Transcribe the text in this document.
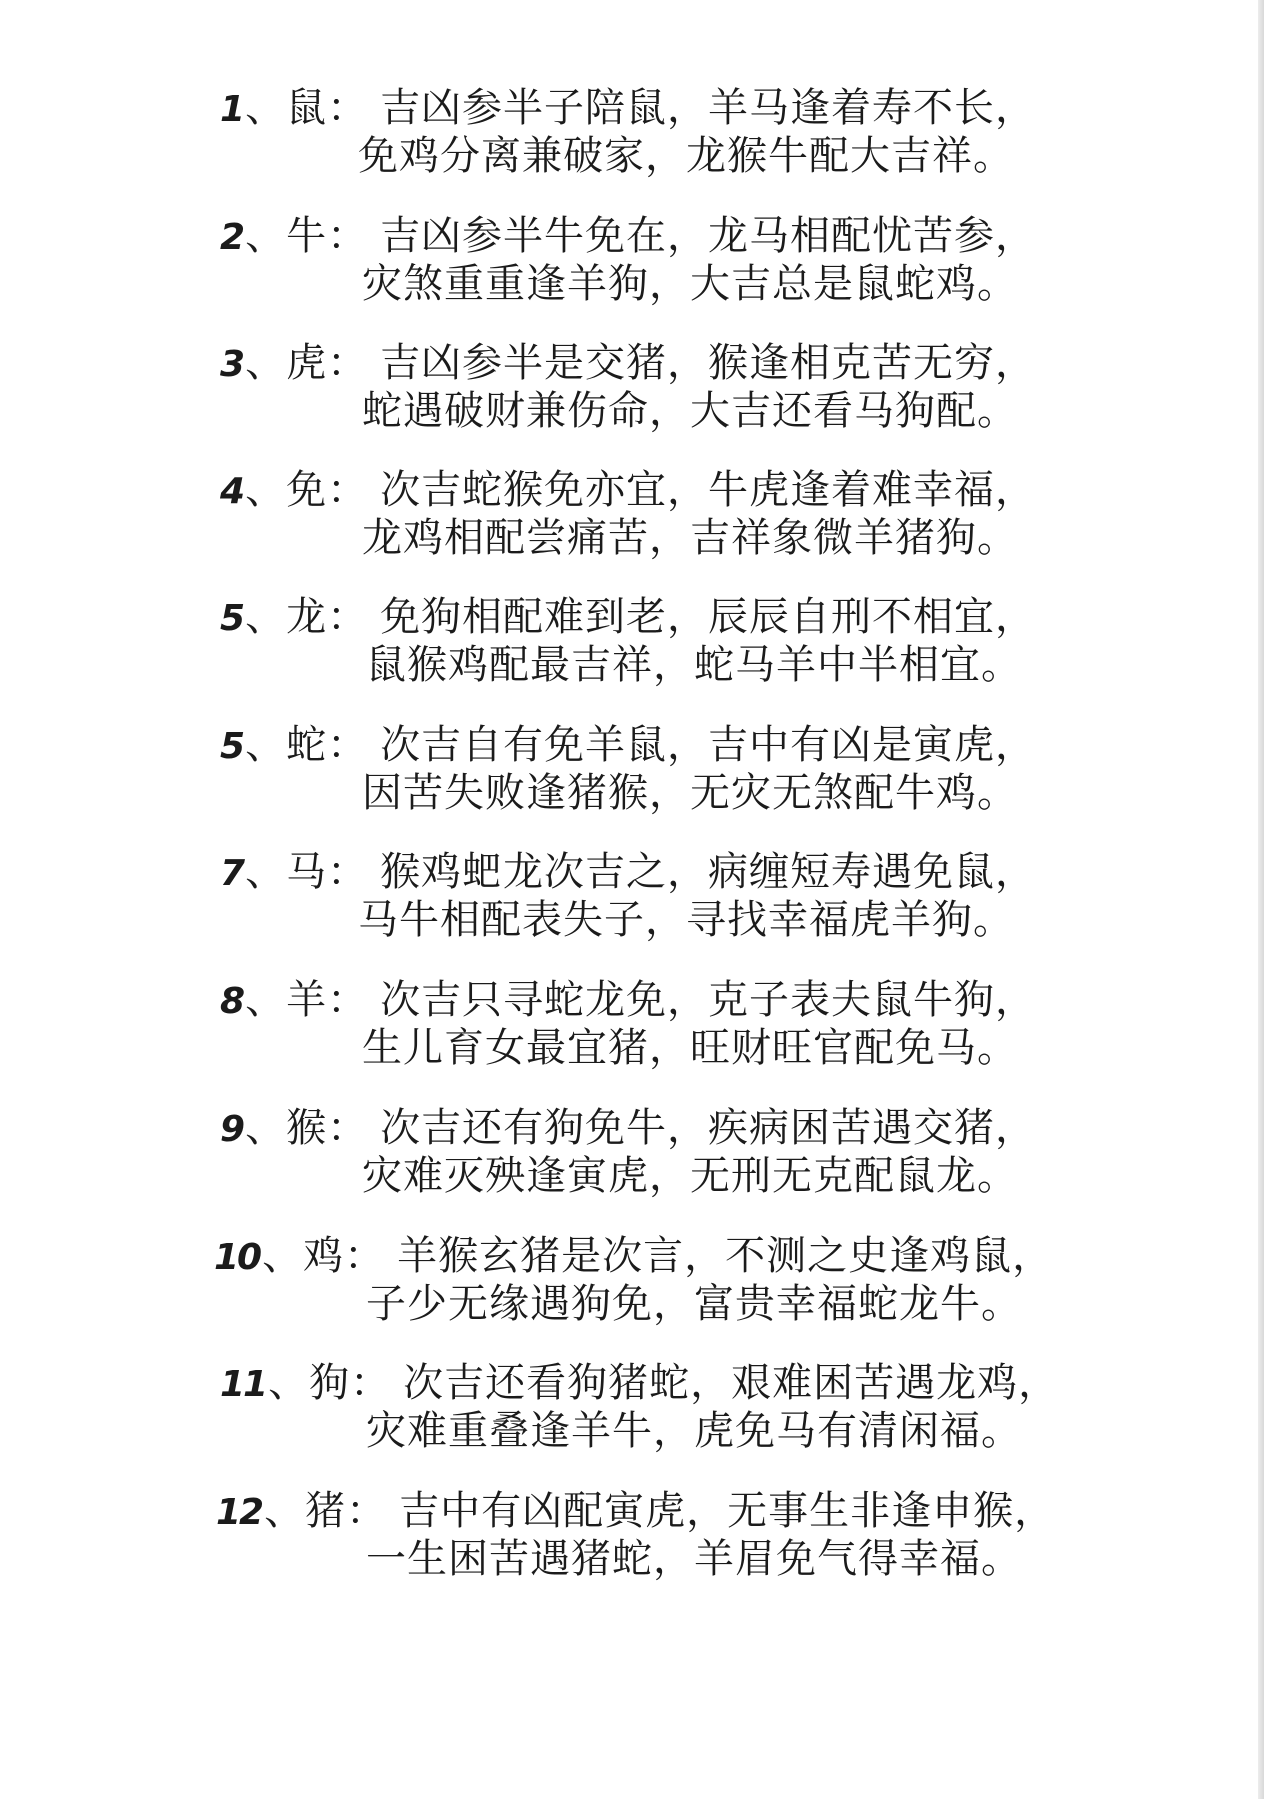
1、鼠： 吉凶参半子陪鼠，羊马逢着寿不长，
免鸡分离兼破家，龙猴牛配大吉祥。
2、牛： 吉凶参半牛免在，龙马相配忧苦参，
灾煞重重逢羊狗，大吉总是鼠蛇鸡。
3、虎： 吉凶参半是交猪，猴逢相克苦无穷，
蛇遇破财兼伤命，大吉还看马狗配。
4、免： 次吉蛇猴免亦宜，牛虎逢着难幸福，
龙鸡相配尝痛苦，吉祥象微羊猪狗。
5、龙： 免狗相配难到老，辰辰自刑不相宜，
鼠猴鸡配最吉祥，蛇马羊中半相宜。
5、蛇： 次吉自有免羊鼠，吉中有凶是寅虎，
因苦失败逢猪猴，无灾无煞配牛鸡。
7、马： 猴鸡蚆龙次吉之，病缠短寿遇免鼠，
马牛相配表失子，寻找幸福虎羊狗。
8、羊： 次吉只寻蛇龙免，克子表夫鼠牛狗，
生儿育女最宜猪，旺财旺官配免马。
9、猴： 次吉还有狗免牛，疾病困苦遇交猪，
灾难灭殃逢寅虎，无刑无克配鼠龙。
10、鸡： 羊猴玄猪是次言，不测之史逢鸡鼠，
子少无缘遇狗免，富贵幸福蛇龙牛。
11、狗： 次吉还看狗猪蛇，艰难困苦遇龙鸡，
灾难重叠逢羊牛，虎免马有清闲福。
12、猪： 吉中有凶配寅虎，无事生非逢申猴，
一生困苦遇猪蛇，羊眉免气得幸福。
